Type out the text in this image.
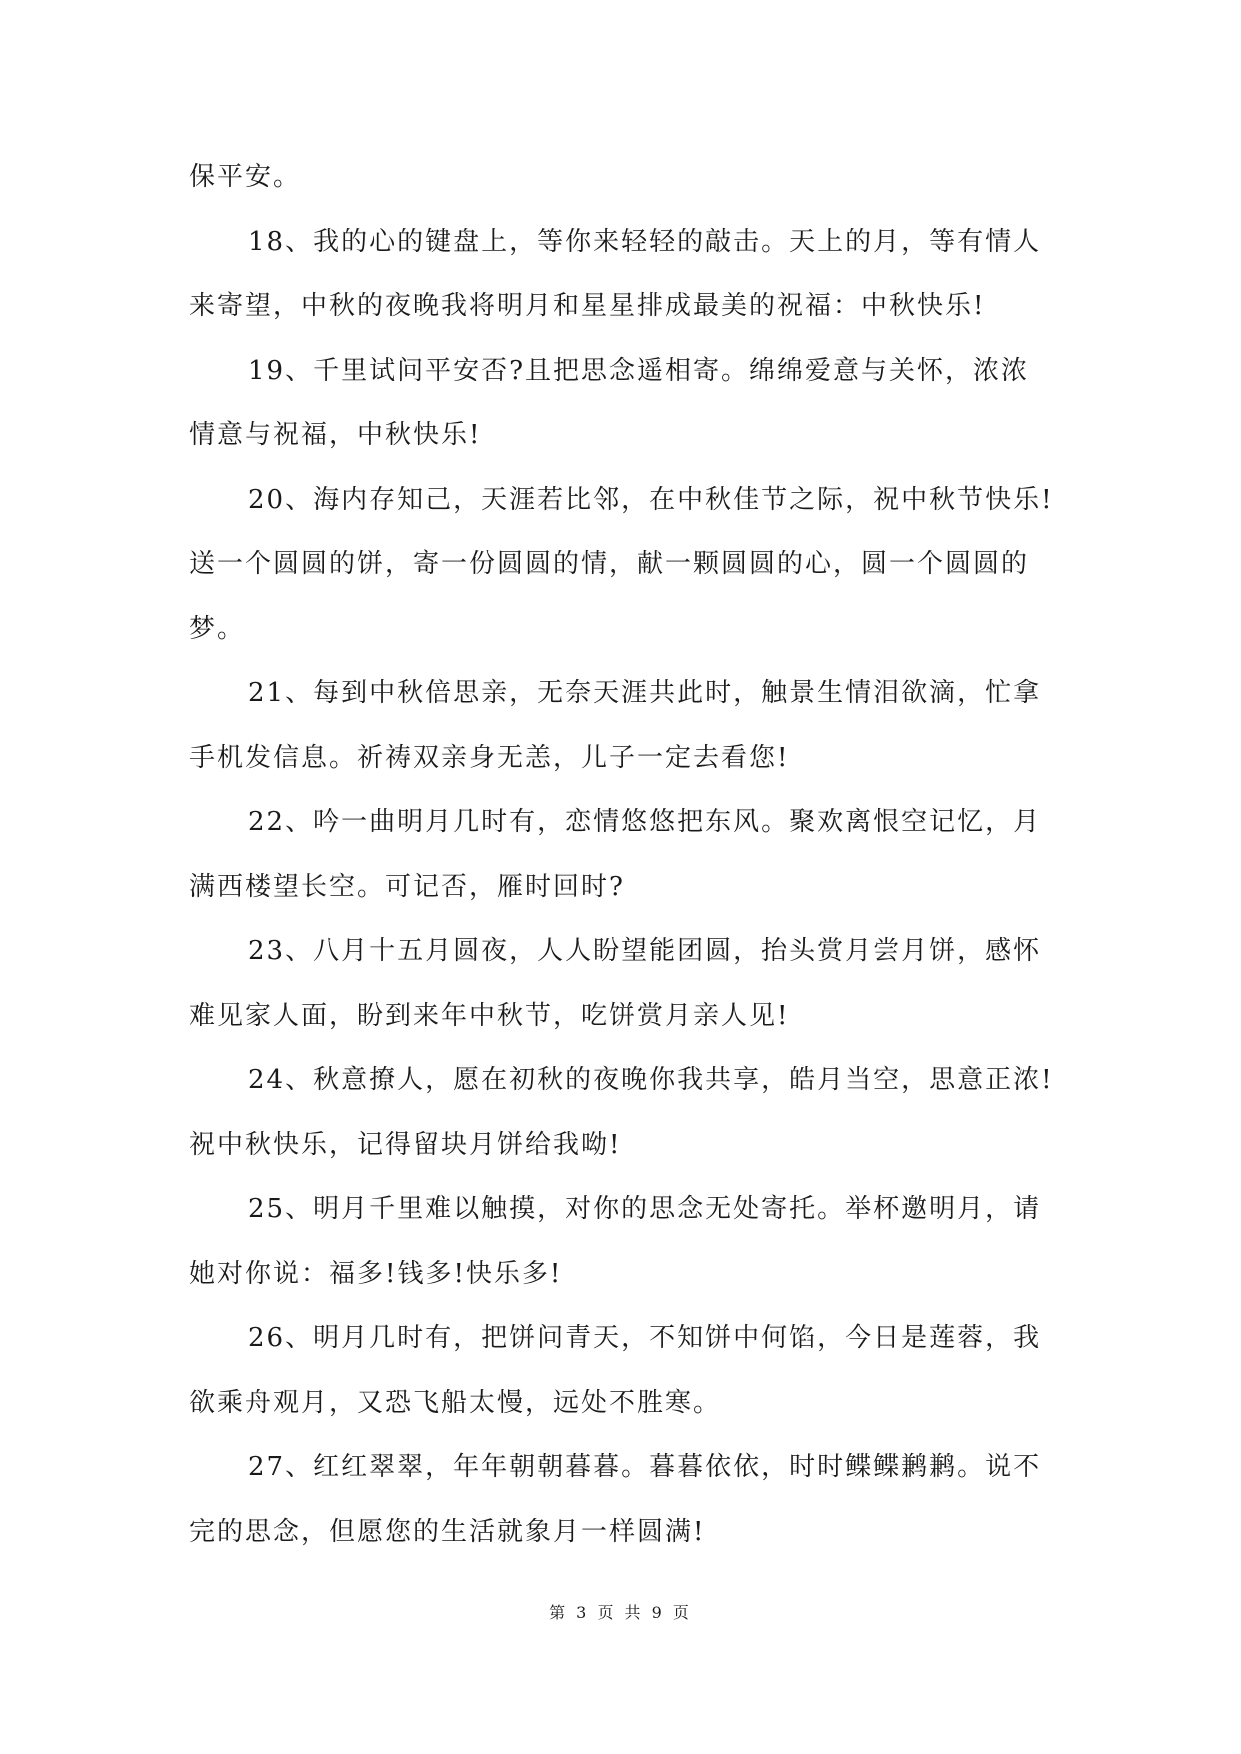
保平安。
18、我的心的键盘上，等你来轻轻的敲击。天上的月，等有情人
来寄望，中秋的夜晚我将明月和星星排成最美的祝福：中秋快乐!
19、千里试问平安否?且把思念遥相寄。绵绵爱意与关怀，浓浓
情意与祝福，中秋快乐!
20、海内存知己，天涯若比邻，在中秋佳节之际，祝中秋节快乐!
送一个圆圆的饼，寄一份圆圆的情，献一颗圆圆的心，圆一个圆圆的
梦。
21、每到中秋倍思亲，无奈天涯共此时，触景生情泪欲滴，忙拿
手机发信息。祈祷双亲身无恙，儿子一定去看您!
22、吟一曲明月几时有，恋情悠悠把东风。聚欢离恨空记忆，月
满西楼望长空。可记否，雁时回时?
23、八月十五月圆夜，人人盼望能团圆，抬头赏月尝月饼，感怀
难见家人面，盼到来年中秋节，吃饼赏月亲人见!
24、秋意撩人，愿在初秋的夜晚你我共享，皓月当空，思意正浓!
祝中秋快乐，记得留块月饼给我呦!
25、明月千里难以触摸，对你的思念无处寄托。举杯邀明月，请
她对你说：福多!钱多!快乐多!
26、明月几时有，把饼问青天，不知饼中何馅，今日是莲蓉，我
欲乘舟观月，又恐飞船太慢，远处不胜寒。
27、红红翠翠，年年朝朝暮暮。暮暮依依，时时鲽鲽鹣鹣。说不
完的思念，但愿您的生活就象月一样圆满!
第 3 页 共 9 页
